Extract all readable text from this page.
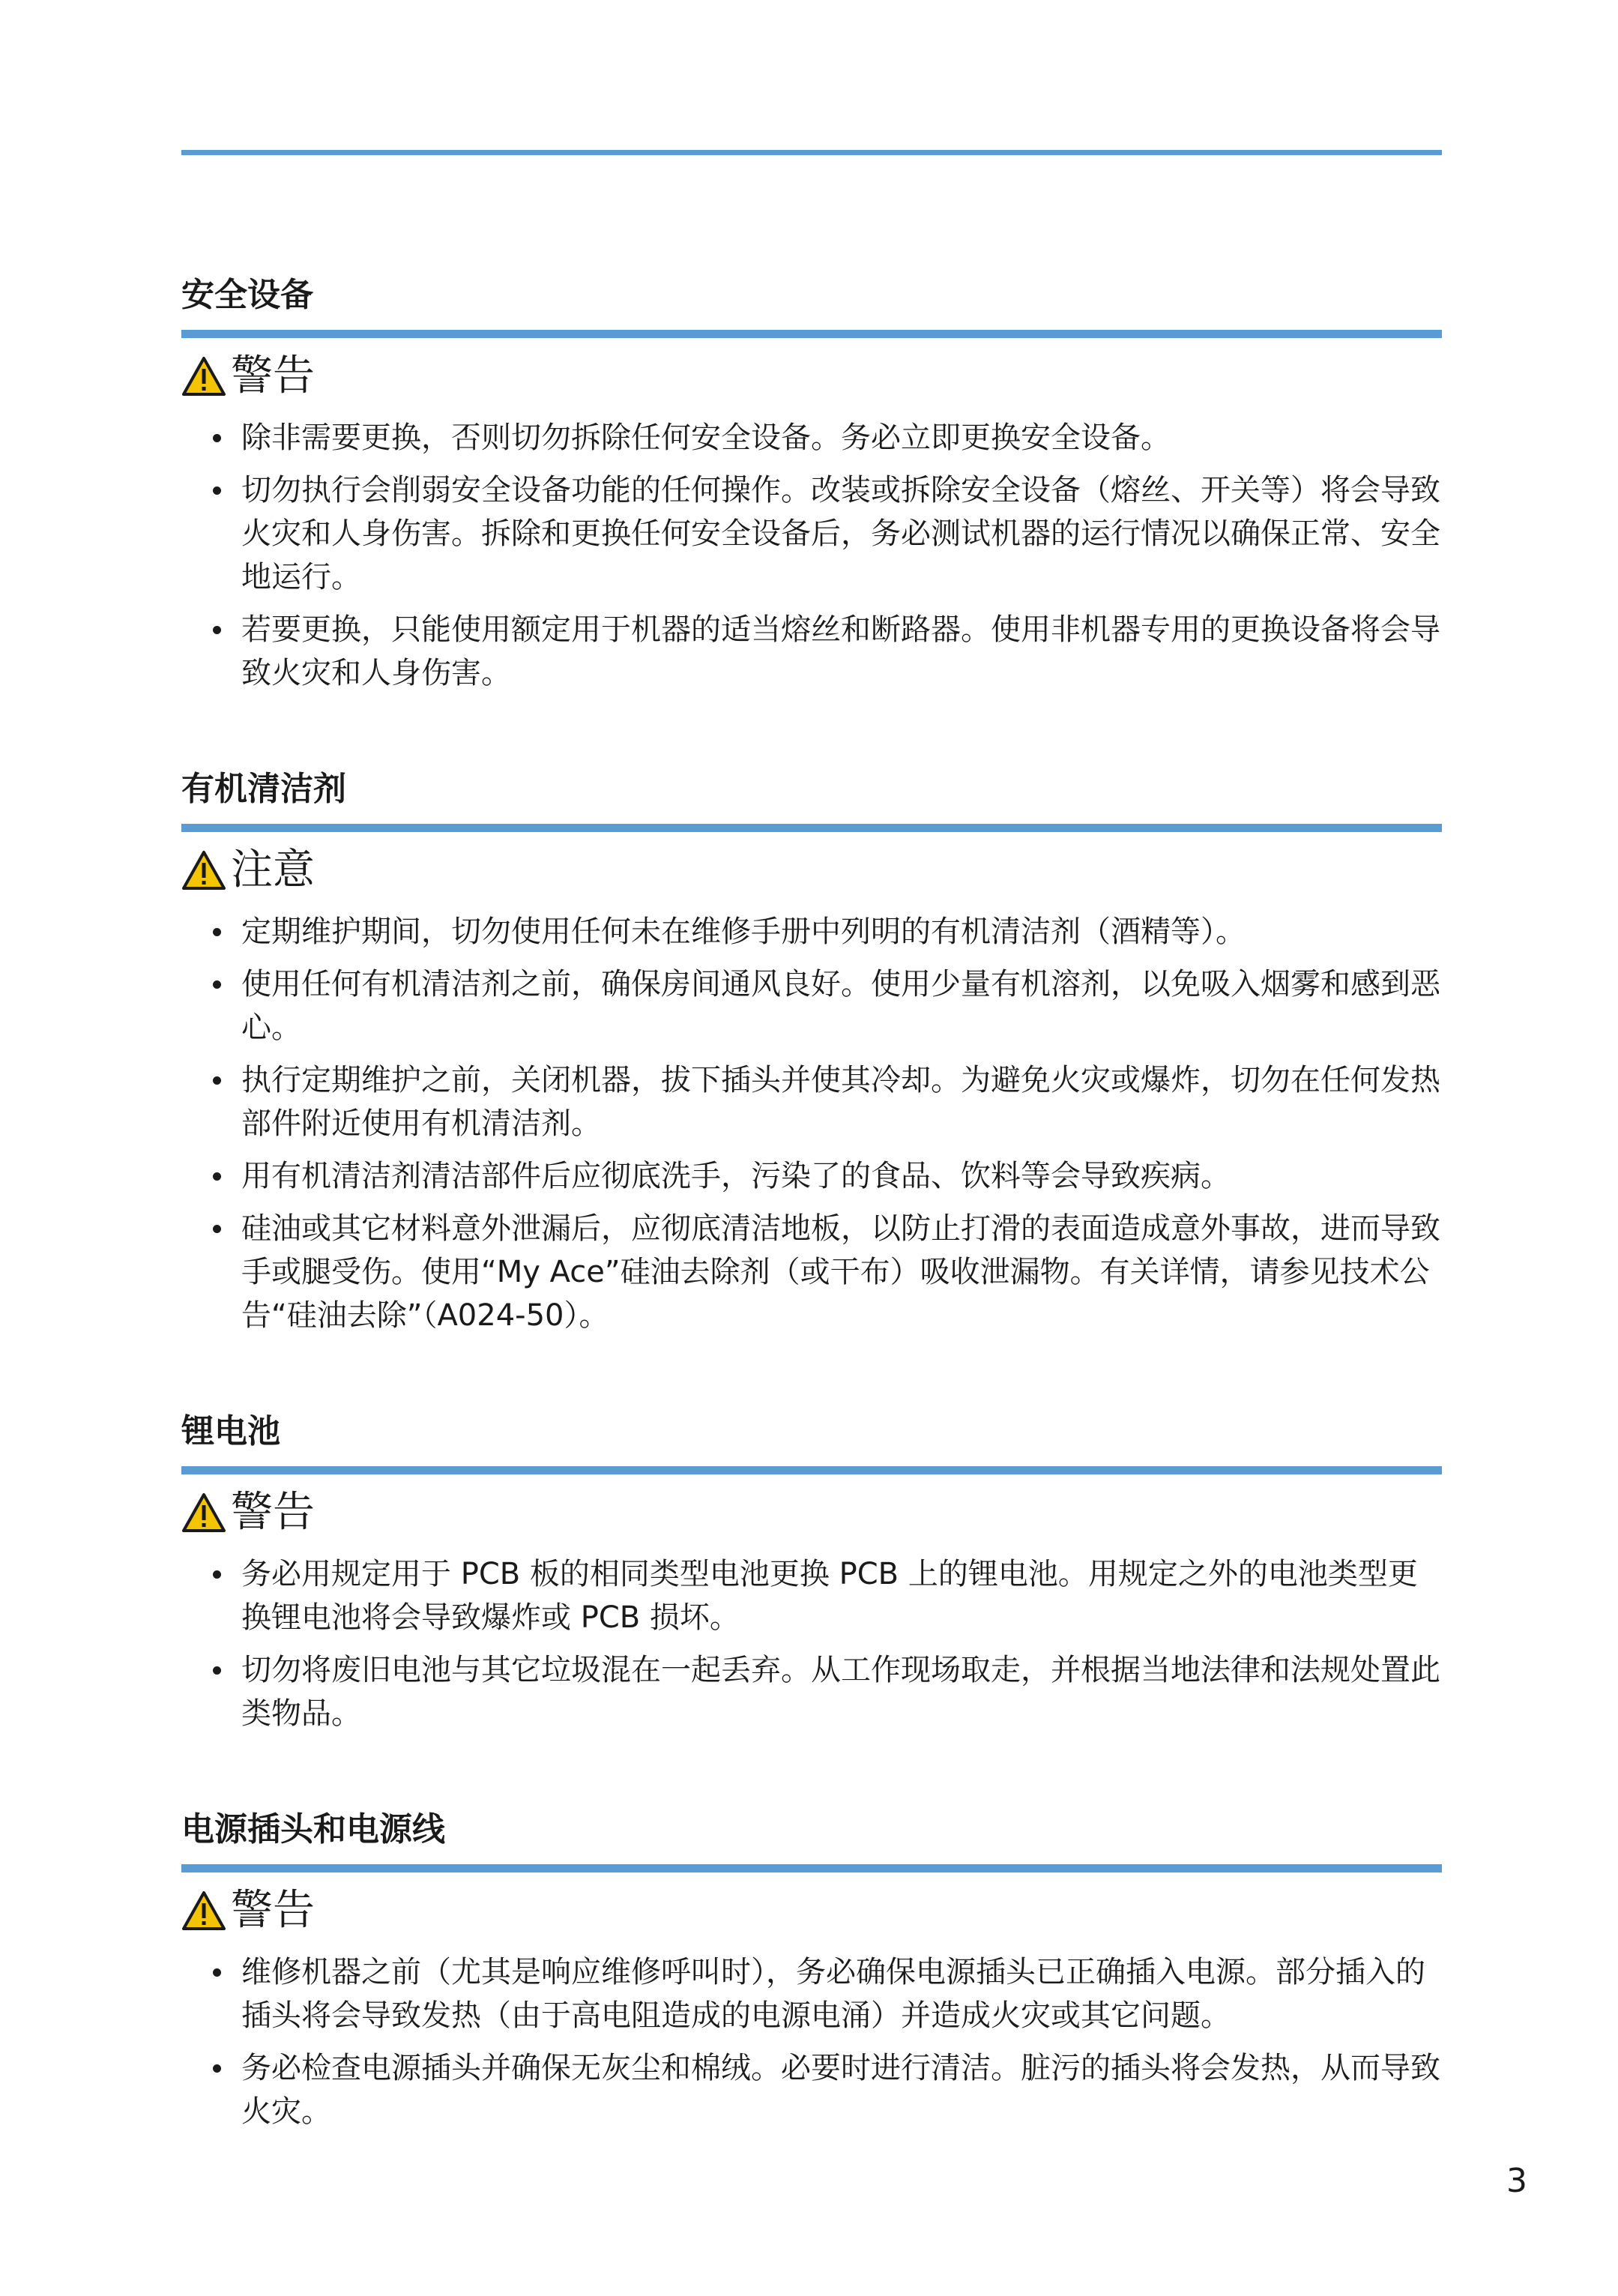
安全设备
警告
除非需要更换，否则切勿拆除任何安全设备。务必立即更换安全设备。
切勿执行会削弱安全设备功能的任何操作。改装或拆除安全设备（熔丝、开关等）将会导致火灾和人身伤害。拆除和更换任何安全设备后，务必测试机器的运行情况以确保正常、安全地运行。
若要更换，只能使用额定用于机器的适当熔丝和断路器。使用非机器专用的更换设备将会导致火灾和人身伤害。
有机清洁剂
注意
定期维护期间，切勿使用任何未在维修手册中列明的有机清洁剂（酒精等）。
使用任何有机清洁剂之前，确保房间通风良好。使用少量有机溶剂，以免吸入烟雾和感到恶心。
执行定期维护之前，关闭机器，拔下插头并使其冷却。为避免火灾或爆炸，切勿在任何发热部件附近使用有机清洁剂。
用有机清洁剂清洁部件后应彻底洗手，污染了的食品、饮料等会导致疾病。
硅油或其它材料意外泄漏后，应彻底清洁地板，以防止打滑的表面造成意外事故，进而导致手或腿受伤。使用“My Ace”硅油去除剂（或干布）吸收泄漏物。有关详情，请参见技术公告“硅油去除”（A024-50）。
锂电池
警告
务必用规定用于 PCB 板的相同类型电池更换 PCB 上的锂电池。用规定之外的电池类型更换锂电池将会导致爆炸或 PCB 损坏。
切勿将废旧电池与其它垃圾混在一起丢弃。从工作现场取走，并根据当地法律和法规处置此类物品。
电源插头和电源线
警告
维修机器之前（尤其是响应维修呼叫时），务必确保电源插头已正确插入电源。部分插入的插头将会导致发热（由于高电阻造成的电源电涌）并造成火灾或其它问题。
务必检查电源插头并确保无灰尘和棉绒。必要时进行清洁。脏污的插头将会发热，从而导致火灾。
3
